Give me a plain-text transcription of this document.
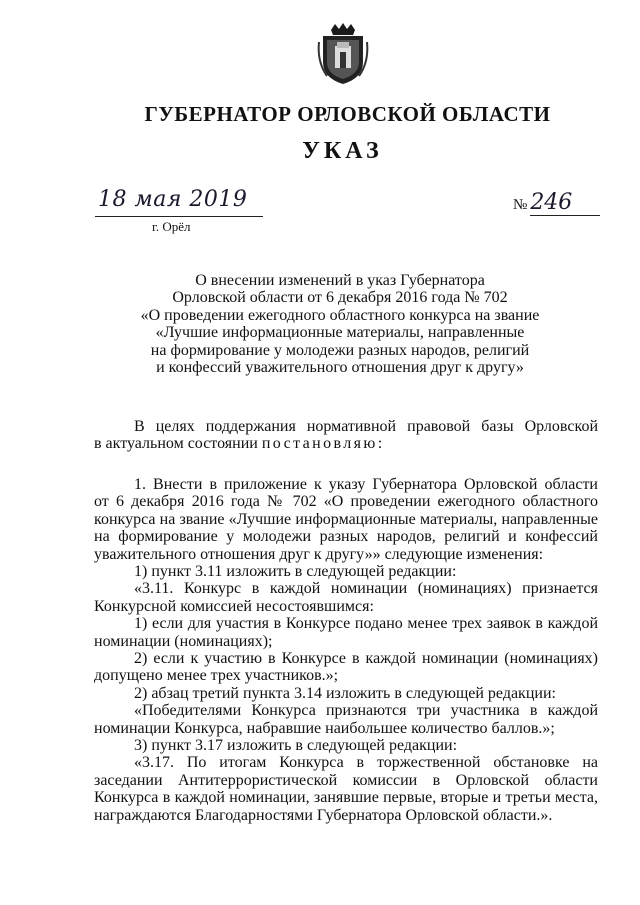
ГУБЕРНАТОР ОРЛОВСКОЙ ОБЛАСТИ
УКАЗ
18 мая 2019
г. Орёл
№ 246
О внесении изменений в указ Губернатора
Орловской области от 6 декабря 2016 года № 702
«О проведении ежегодного областного конкурса на звание
«Лучшие информационные материалы, направленные
на формирование у молодежи разных народов, религий
и конфессий уважительного отношения друг к другу»
В целях поддержания нормативной правовой базы Орловской
в актуальном состоянии постановляю:
1. Внести в приложение к указу Губернатора Орловской области
от 6 декабря 2016 года № 702 «О проведении ежегодного областного
конкурса на звание «Лучшие информационные материалы, направленные
на формирование у молодежи разных народов, религий и конфессий
уважительного отношения друг к другу»» следующие изменения:
1) пункт 3.11 изложить в следующей редакции:
«3.11. Конкурс в каждой номинации (номинациях) признается
Конкурсной комиссией несостоявшимся:
1) если для участия в Конкурсе подано менее трех заявок в каждой
номинации (номинациях);
2) если к участию в Конкурсе в каждой номинации (номинациях)
допущено менее трех участников.»;
2) абзац третий пункта 3.14 изложить в следующей редакции:
«Победителями Конкурса признаются три участника в каждой
номинации Конкурса, набравшие наибольшее количество баллов.»;
3) пункт 3.17 изложить в следующей редакции:
«3.17. По итогам Конкурса в торжественной обстановке на
заседании Антитеррористической комиссии в Орловской области
Конкурса в каждой номинации, занявшие первые, вторые и третьи места,
награждаются Благодарностями Губернатора Орловской области.».
